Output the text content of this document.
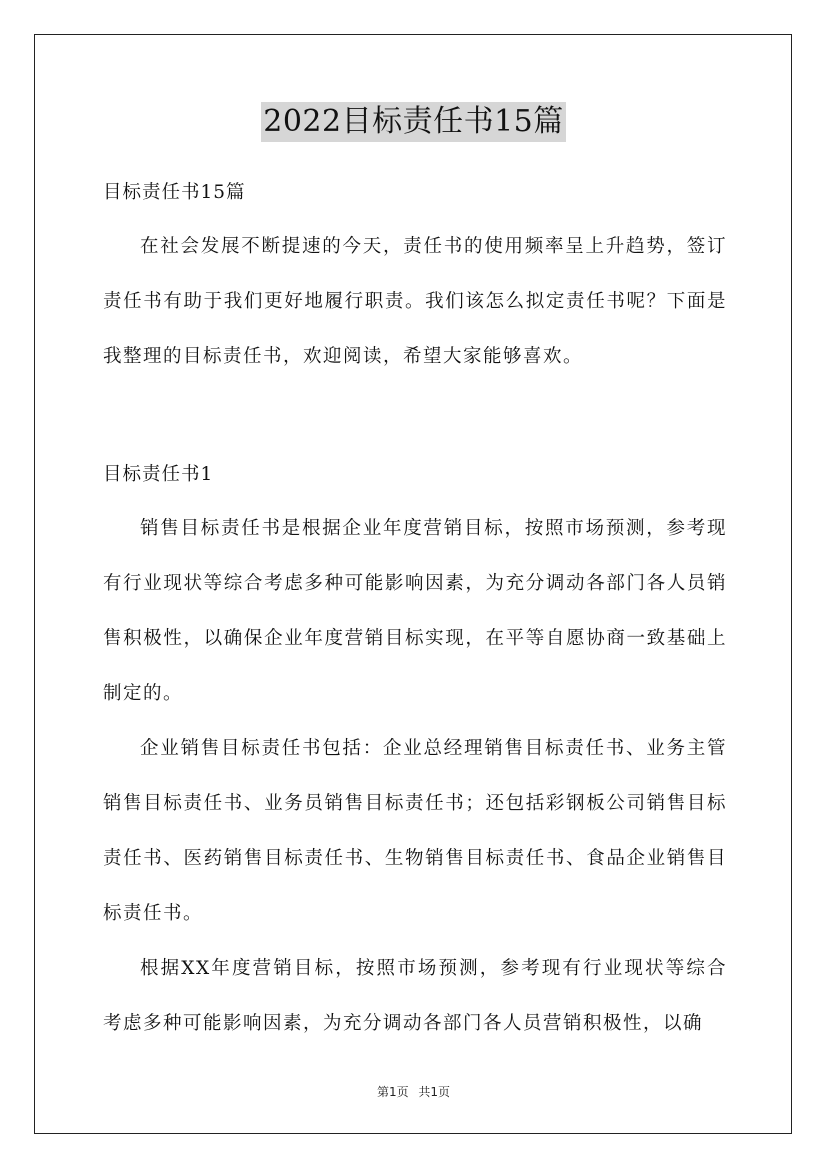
2022目标责任书15篇

目标责任书15篇

在社会发展不断提速的今天，责任书的使用频率呈上升趋势，签订责任书有助于我们更好地履行职责。我们该怎么拟定责任书呢？下面是我整理的目标责任书，欢迎阅读，希望大家能够喜欢。

目标责任书1

销售目标责任书是根据企业年度营销目标，按照市场预测，参考现有行业现状等综合考虑多种可能影响因素，为充分调动各部门各人员销售积极性，以确保企业年度营销目标实现，在平等自愿协商一致基础上制定的。

企业销售目标责任书包括：企业总经理销售目标责任书、业务主管销售目标责任书、业务员销售目标责任书；还包括彩钢板公司销售目标责任书、医药销售目标责任书、生物销售目标责任书、食品企业销售目标责任书。

根据XX年度营销目标，按照市场预测，参考现有行业现状等综合考虑多种可能影响因素，为充分调动各部门各人员营销积极性，以确

第1页 共1页
